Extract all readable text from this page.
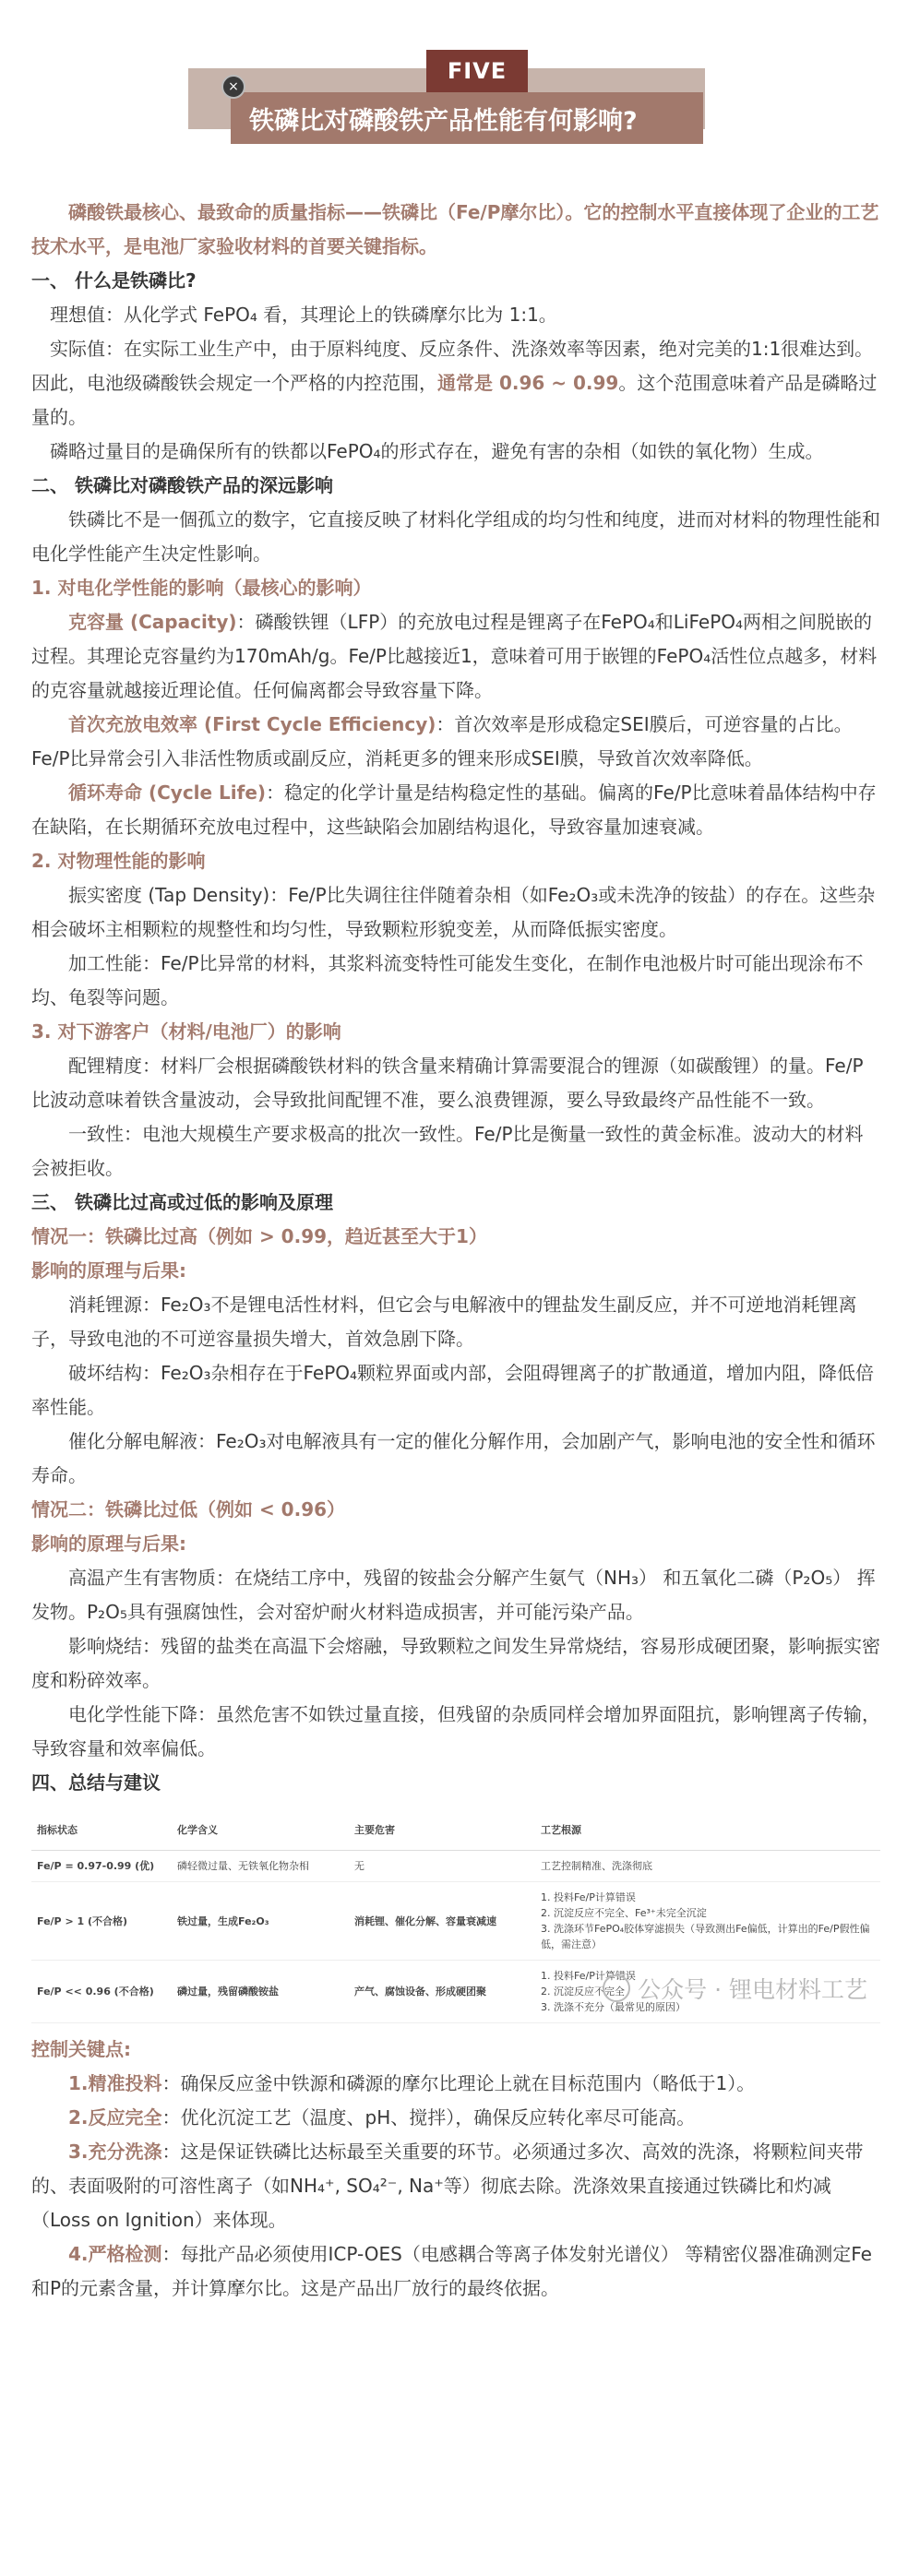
FIVE
铁磷比对磷酸铁产品性能有何影响?
×

磷酸铁最核心、最致命的质量指标——铁磷比（Fe/P摩尔比）。它的控制水平直接体现了企业的工艺技术水平，是电池厂家验收材料的首要关键指标。

一、 什么是铁磷比?

理想值：从化学式 FePO₄ 看，其理论上的铁磷摩尔比为 1:1。

实际值：在实际工业生产中，由于原料纯度、反应条件、洗涤效率等因素，绝对完美的1:1很难达到。因此，电池级磷酸铁会规定一个严格的内控范围，通常是 0.96 ~ 0.99。这个范围意味着产品是磷略过量的。

磷略过量目的是确保所有的铁都以FePO₄的形式存在，避免有害的杂相（如铁的氧化物）生成。

二、 铁磷比对磷酸铁产品的深远影响

铁磷比不是一個孤立的数字，它直接反映了材料化学组成的均匀性和纯度，进而对材料的物理性能和电化学性能产生决定性影响。

1. 对电化学性能的影响（最核心的影响）

克容量 (Capacity)：磷酸铁锂（LFP）的充放电过程是锂离子在FePO₄和LiFePO₄两相之间脱嵌的过程。其理论克容量约为170mAh/g。Fe/P比越接近1，意味着可用于嵌锂的FePO₄活性位点越多，材料的克容量就越接近理论值。任何偏离都会导致容量下降。

首次充放电效率 (First Cycle Efficiency)：首次效率是形成稳定SEI膜后，可逆容量的占比。Fe/P比异常会引入非活性物质或副反应，消耗更多的锂来形成SEI膜，导致首次效率降低。

循环寿命 (Cycle Life)：稳定的化学计量是结构稳定性的基础。偏离的Fe/P比意味着晶体结构中存在缺陷，在长期循环充放电过程中，这些缺陷会加剧结构退化，导致容量加速衰减。

2. 对物理性能的影响

振实密度 (Tap Density)：Fe/P比失调往往伴随着杂相（如Fe₂O₃或未洗净的铵盐）的存在。这些杂相会破坏主相颗粒的规整性和均匀性，导致颗粒形貌变差，从而降低振实密度。

加工性能：Fe/P比异常的材料，其浆料流变特性可能发生变化，在制作电池极片时可能出现涂布不均、龟裂等问题。

3. 对下游客户（材料/电池厂）的影响

配锂精度：材料厂会根据磷酸铁材料的铁含量来精确计算需要混合的锂源（如碳酸锂）的量。Fe/P比波动意味着铁含量波动，会导致批间配锂不准，要么浪费锂源，要么导致最终产品性能不一致。

一致性：电池大规模生产要求极高的批次一致性。Fe/P比是衡量一致性的黄金标准。波动大的材料会被拒收。

三、 铁磷比过高或过低的影响及原理

情况一：铁磷比过高（例如 > 0.99，趋近甚至大于1）

影响的原理与后果:

消耗锂源：Fe₂O₃不是锂电活性材料，但它会与电解液中的锂盐发生副反应，并不可逆地消耗锂离子，导致电池的不可逆容量损失增大，首效急剧下降。

破坏结构：Fe₂O₃杂相存在于FePO₄颗粒界面或内部，会阻碍锂离子的扩散通道，增加内阻，降低倍率性能。

催化分解电解液：Fe₂O₃对电解液具有一定的催化分解作用，会加剧产气，影响电池的安全性和循环寿命。

情况二：铁磷比过低（例如 < 0.96）

影响的原理与后果:

高温产生有害物质：在烧结工序中，残留的铵盐会分解产生氨气（NH₃） 和五氧化二磷（P₂O₅） 挥发物。P₂O₅具有强腐蚀性，会对窑炉耐火材料造成损害，并可能污染产品。

影响烧结：残留的盐类在高温下会熔融，导致颗粒之间发生异常烧结，容易形成硬团聚，影响振实密度和粉碎效率。

电化学性能下降：虽然危害不如铁过量直接，但残留的杂质同样会增加界面阻抗，影响锂离子传输，导致容量和效率偏低。

四、总结与建议

指标状态	化学含义	主要危害	工艺根源
Fe/P = 0.97-0.99 (优)	磷轻微过量、无铁氧化物杂相	无	工艺控制精准、洗涤彻底
Fe/P > 1 (不合格)	铁过量，生成Fe₂O₃	消耗锂、催化分解、容量衰减速	1. 投料Fe/P计算错误
2. 沉淀反应不完全、Fe³⁺未完全沉淀
3. 洗涤环节FePO₄胶体穿滤损失（导致测出Fe偏低，计算出的Fe/P假性偏低，需注意）
Fe/P << 0.96 (不合格)	磷过量，残留磷酸铵盐	产气、腐蚀设备、形成硬团聚	1. 投料Fe/P计算错误
2. 沉淀反应不完全
3. 洗涤不充分（最常见的原因）
公众号 · 锂电材料工艺

控制关键点:

1.精准投料：确保反应釜中铁源和磷源的摩尔比理论上就在目标范围内（略低于1）。

2.反应完全：优化沉淀工艺（温度、pH、搅拌），确保反应转化率尽可能高。

3.充分洗涤：这是保证铁磷比达标最至关重要的环节。必须通过多次、高效的洗涤，将颗粒间夹带的、表面吸附的可溶性离子（如NH₄⁺, SO₄²⁻, Na⁺等）彻底去除。洗涤效果直接通过铁磷比和灼减（Loss on Ignition）来体现。

4.严格检测：每批产品必须使用ICP-OES（电感耦合等离子体发射光谱仪） 等精密仪器准确测定Fe和P的元素含量，并计算摩尔比。这是产品出厂放行的最终依据。
